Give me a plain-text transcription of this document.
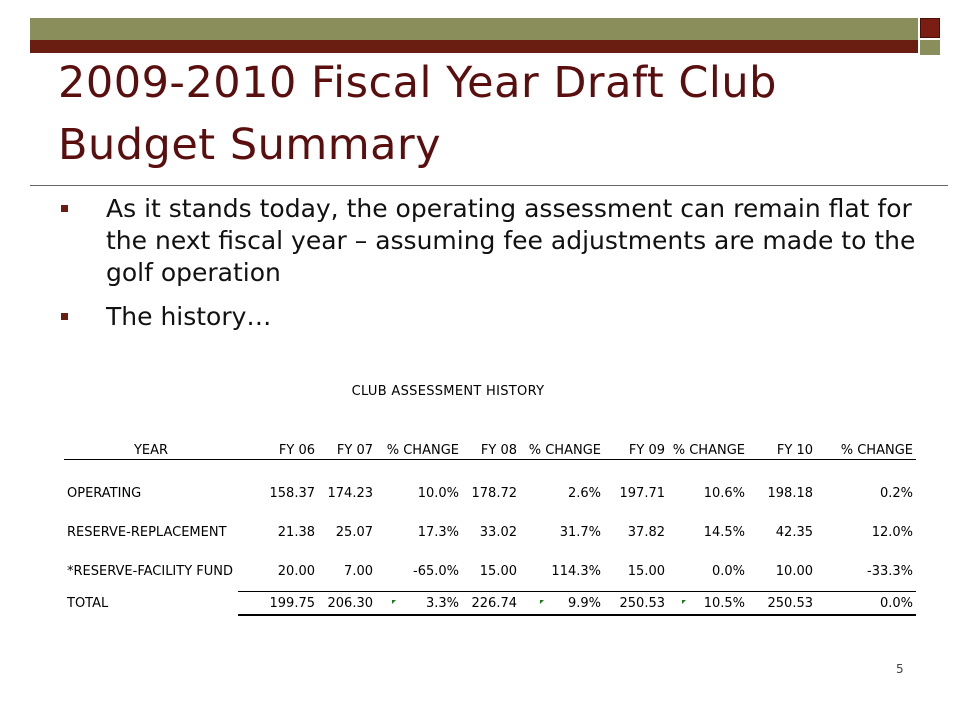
2009-2010 Fiscal Year Draft Club Budget Summary
As it stands today, the operating assessment can remain flat for the next fiscal year – assuming fee adjustments are made to the golf operation
The history…
CLUB ASSESSMENT HISTORY
YEAR	FY 06	FY 07	% CHANGE	FY 08	% CHANGE	FY 09	% CHANGE	FY 10	% CHANGE

OPERATING	158.37	174.23	10.0%	178.72	2.6%	197.71	10.6%	198.18	0.2%
RESERVE-REPLACEMENT	21.38	25.07	17.3%	33.02	31.7%	37.82	14.5%	42.35	12.0%
*RESERVE-FACILITY FUND	20.00	7.00	-65.0%	15.00	114.3%	15.00	0.0%	10.00	-33.3%
TOTAL	199.75	206.30	3.3%	226.74	9.9%	250.53	10.5%	250.53	0.0%
5
